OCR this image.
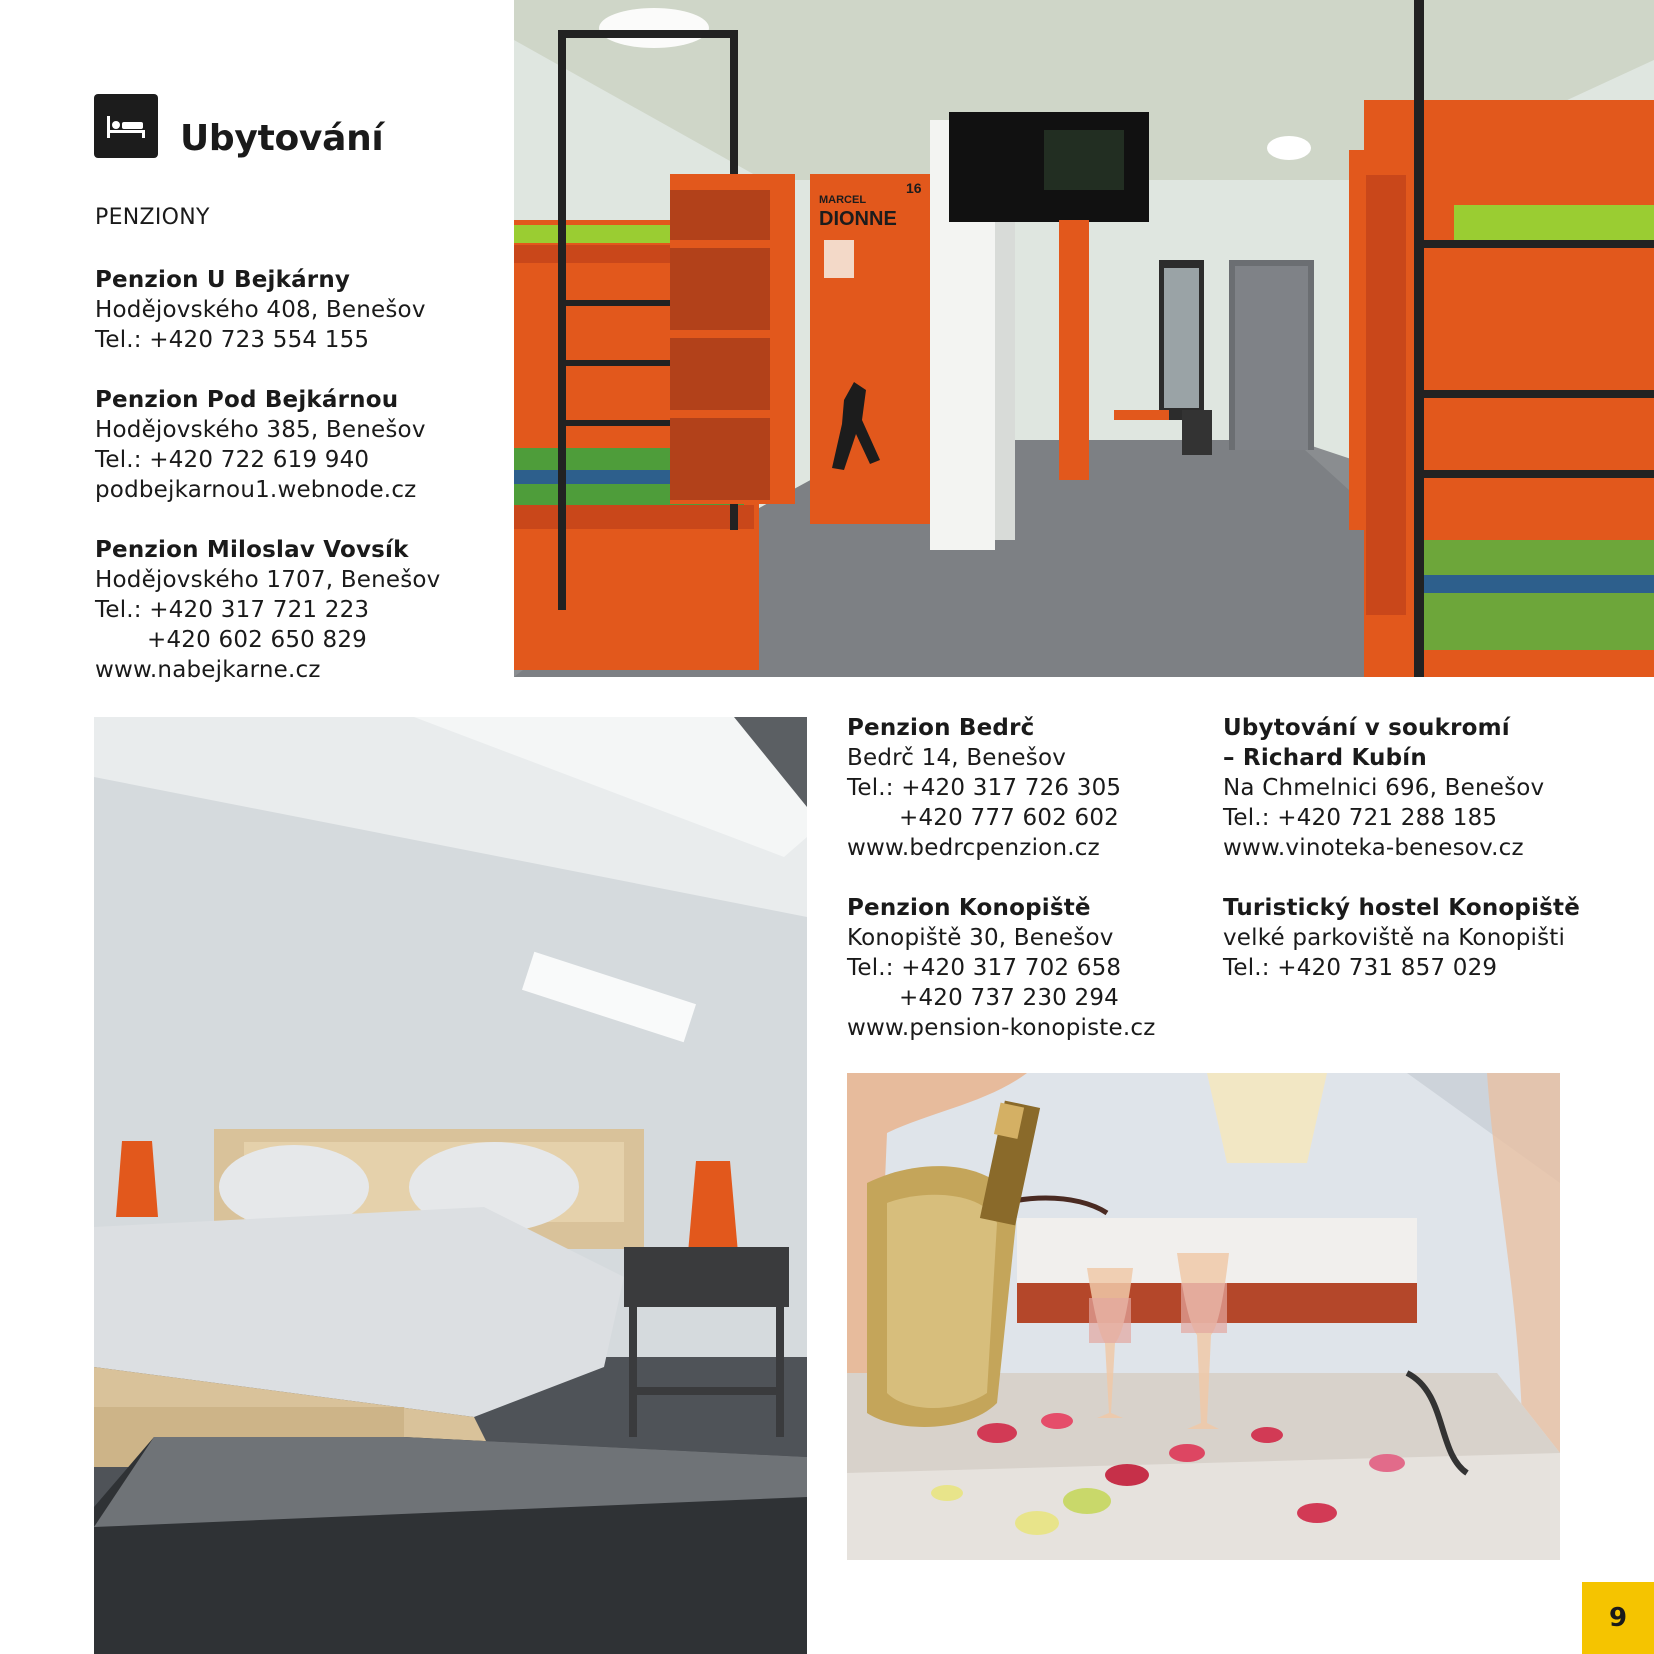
Ubytování
PENZIONY
Penzion U Bejkárny
Hodějovského 408, Benešov
Tel.: +420 723 554 155
Penzion Pod Bejkárnou
Hodějovského 385, Benešov
Tel.: +420 722 619 940
podbejkarnou1.webnode.cz
Penzion Miloslav Vovsík
Hodějovského 1707, Benešov
Tel.: +420 317 721 223
+420 602 650 829
www.nabejkarne.cz
Penzion Bedrč
Bedrč 14, Benešov
Tel.: +420 317 726 305
+420 777 602 602
www.bedrcpenzion.cz
Penzion Konopiště
Konopiště 30, Benešov
Tel.: +420 317 702 658
+420 737 230 294
www.pension-konopiste.cz
Ubytování v soukromí
– Richard Kubín
Na Chmelnici 696, Benešov
Tel.: +420 721 288 185
www.vinoteka-benesov.cz
Turistický hostel Konopiště
velké parkoviště na Konopišti
Tel.: +420 731 857 029
MARCEL
DIONNE
16
9
